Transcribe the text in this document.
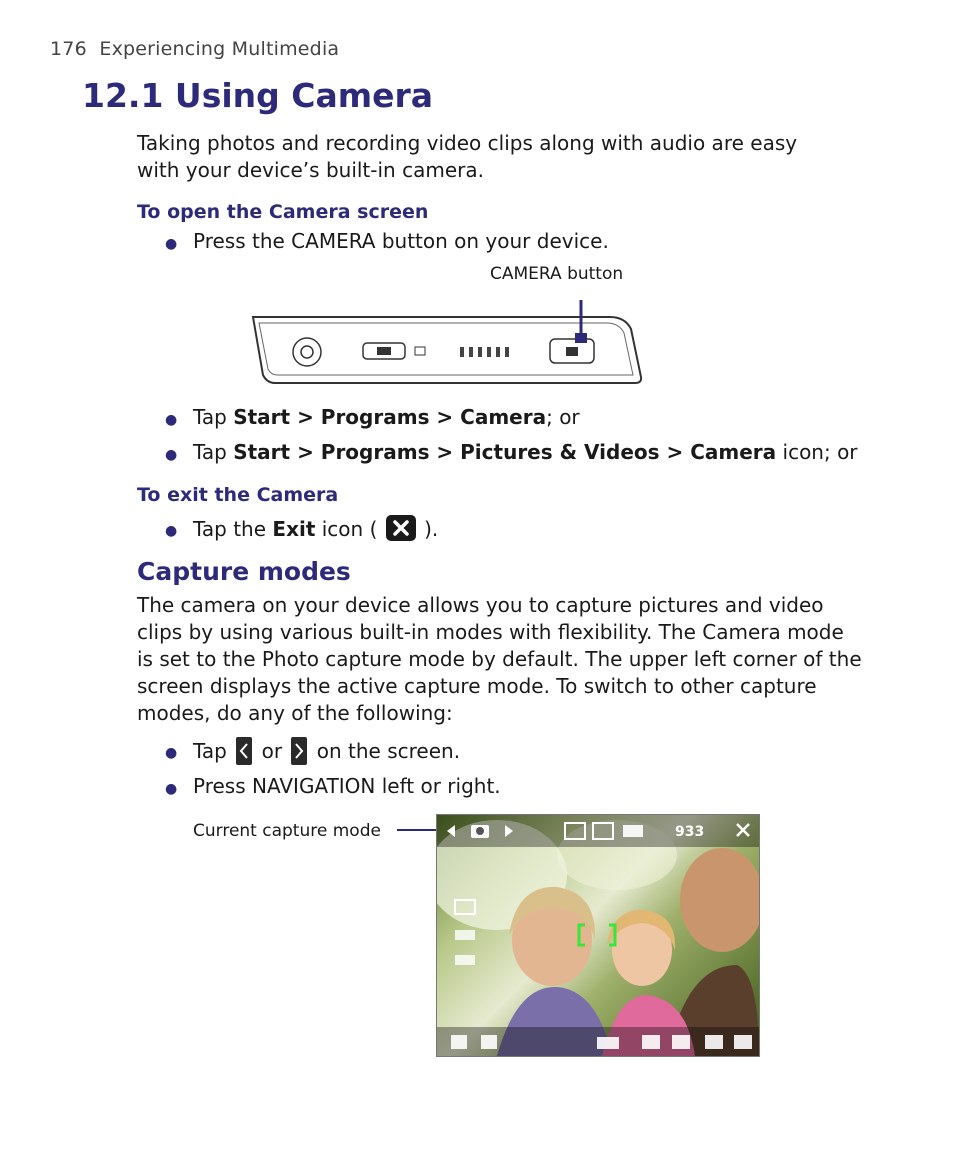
176 Experiencing Multimedia
12.1 Using Camera
Taking photos and recording video clips along with audio are easy with your device’s built-in camera.
To open the Camera screen
● Press the CAMERA button on your device.
CAMERA button
● Tap Start > Programs > Camera; or
● Tap Start > Programs > Pictures & Videos > Camera icon; or
To exit the Camera
● Tap the Exit icon (
).
Capture modes
The camera on your device allows you to capture pictures and video clips by using various built-in modes with flexibility. The Camera mode is set to the Photo capture mode by default. The upper left corner of the screen displays the active capture mode. To switch to other capture modes, do any of the following:
● Tap
or
on the screen.
● Press NAVIGATION left or right.
Current capture mode	933
